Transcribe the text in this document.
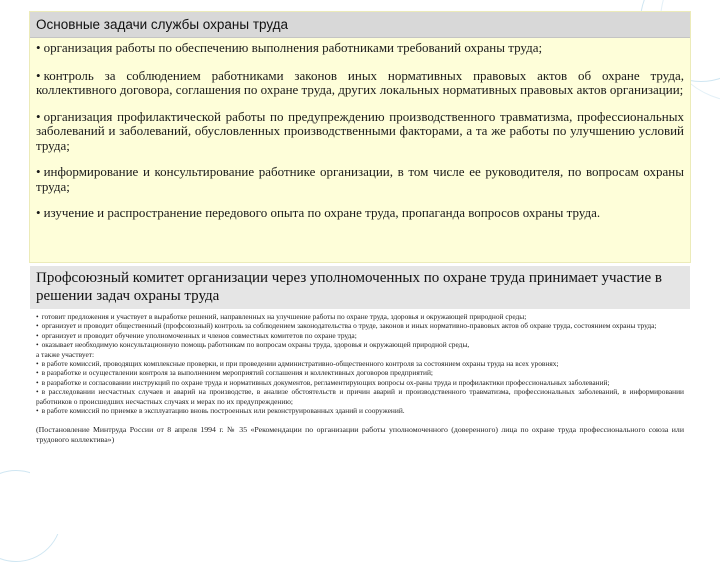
Основные задачи службы охраны труда

• организация работы по обеспечению выполнения работниками требований охраны труда;

• контроль за соблюдением работниками законов иных нормативных правовых актов об охране труда, коллективного договора, соглашения по охране труда, других локальных нормативных правовых актов организации;

• организация профилактической работы по предупреждению производственного травматизма, профессиональных заболеваний и заболеваний, обусловленных производственными факторами, а та же работы по улучшению условий труда;

• информирование и консультирование работнике организации, в том числе ее руководителя, по вопросам охраны труда;

• изучение и распространение передового опыта по охране труда, пропаганда вопросов охраны труда.

Профсоюзный комитет организации через уполномоченных по охране труда принимает участие в решении задач охраны труда

• готовит предложения и участвует в выработке решений, направленных на улучшение работы по охране труда, здоровья и окружающей природной среды;

• организует и проводит общественный (профсоюзный) контроль за соблюдением законодательства о труде, законов и иных нормативно-правовых актов об охране труда, состоянием охраны труда;

• организует и проводит обучение уполномоченных и членов совместных комитетов по охране труда;

• оказывает необходимую консультационную помощь работникам по вопросам охраны труда, здоровья и окружающей природной среды,

а также участвует:

• в работе комиссий, проводящих комплексные проверки, и при проведении административно-общественного контроля за состоянием охраны труда на всех уровнях;

• в разработке и осуществлении контроля за выполнением мероприятий соглашения и коллективных договоров предприятий;

• в разработке и согласовании инструкций по охране труда и нормативных документов, регламентирующих вопросы ох-раны труда и профилактики профессиональных заболеваний;

• в расследовании несчастных случаев и аварий на производстве, в анализе обстоятельств и причин аварий и производственного травматизма, профессиональных заболеваний, в информировании работников о происшедших несчастных случаях и мерах по их предупреждению;

• в работе комиссий по приемке в эксплуатацию вновь построенных или реконструированных зданий и сооружений.

(Постановление Минтруда России от 8 апреля 1994 г. № 35 «Рекомендации по организации работы уполномоченного (доверенного) лица по охране труда профессионального союза или трудового коллектива»)
